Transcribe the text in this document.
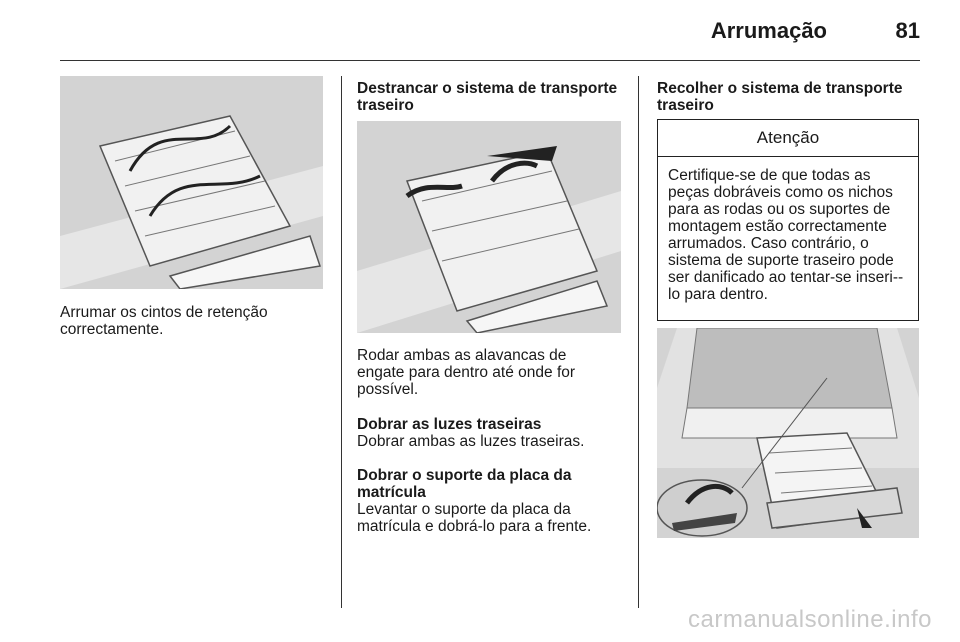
Arrumação	81
Arrumar os cintos de retenção correctamente.
Destrancar o sistema de transporte traseiro
Rodar ambas as alavancas de engate para dentro até onde for possível.
Dobrar as luzes traseiras
Dobrar ambas as luzes traseiras.
Dobrar o suporte da placa da matrícula
Levantar o suporte da placa da matrícula e dobrá-lo para a frente.
Recolher o sistema de transporte traseiro
Atenção
Certifique-se de que todas as peças dobráveis como os nichos para as rodas ou os suportes de montagem estão correctamente arrumados. Caso contrário, o sistema de suporte traseiro pode ser danificado ao tentar-se inseri--lo para dentro.
carmanualsonline.info
